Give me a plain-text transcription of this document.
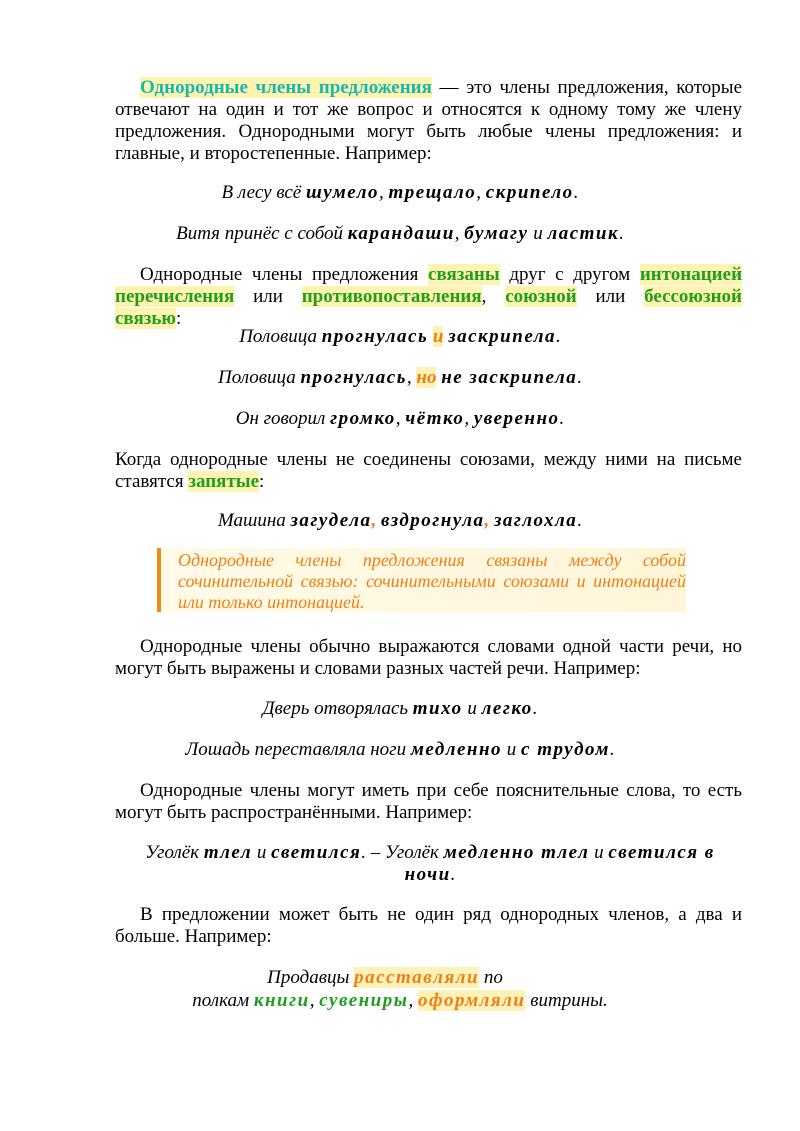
Однородные члены предложения — это члены предложения, которые отвечают на один и тот же вопрос и относятся к одному тому же члену предложения. Однородными могут быть любые члены предложения: и главные, и второстепенные. Например:
В лесу всё шумело, трещало, скрипело.
Витя принёс с собой карандаши, бумагу и ластик.
Однородные члены предложения связаны друг с другом интонацией перечисления или противопоставления, союзной или бессоюзной связью:
Половица прогнулась и заскрипела.
Половица прогнулась, но не заскрипела.
Он говорил громко, чётко, уверенно.
Когда однородные члены не соединены союзами, между ними на письме ставятся запятые:
Машина загудела, вздрогнула, заглохла.
Однородные члены предложения связаны между собой сочинительной связью: сочинительными союзами и интонацией или только интонацией.
Однородные члены обычно выражаются словами одной части речи, но могут быть выражены и словами разных частей речи. Например:
Дверь отворялась тихо и легко.
Лошадь переставляла ноги медленно и с трудом.
Однородные члены могут иметь при себе пояснительные слова, то есть могут быть распространёнными. Например:
Уголёк тлел и светился. – Уголёк медленно тлел и светился в ночи.
В предложении может быть не один ряд однородных членов, а два и больше. Например:
Продавцы расставляли по
полкам книги, сувениры, оформляли витрины.
